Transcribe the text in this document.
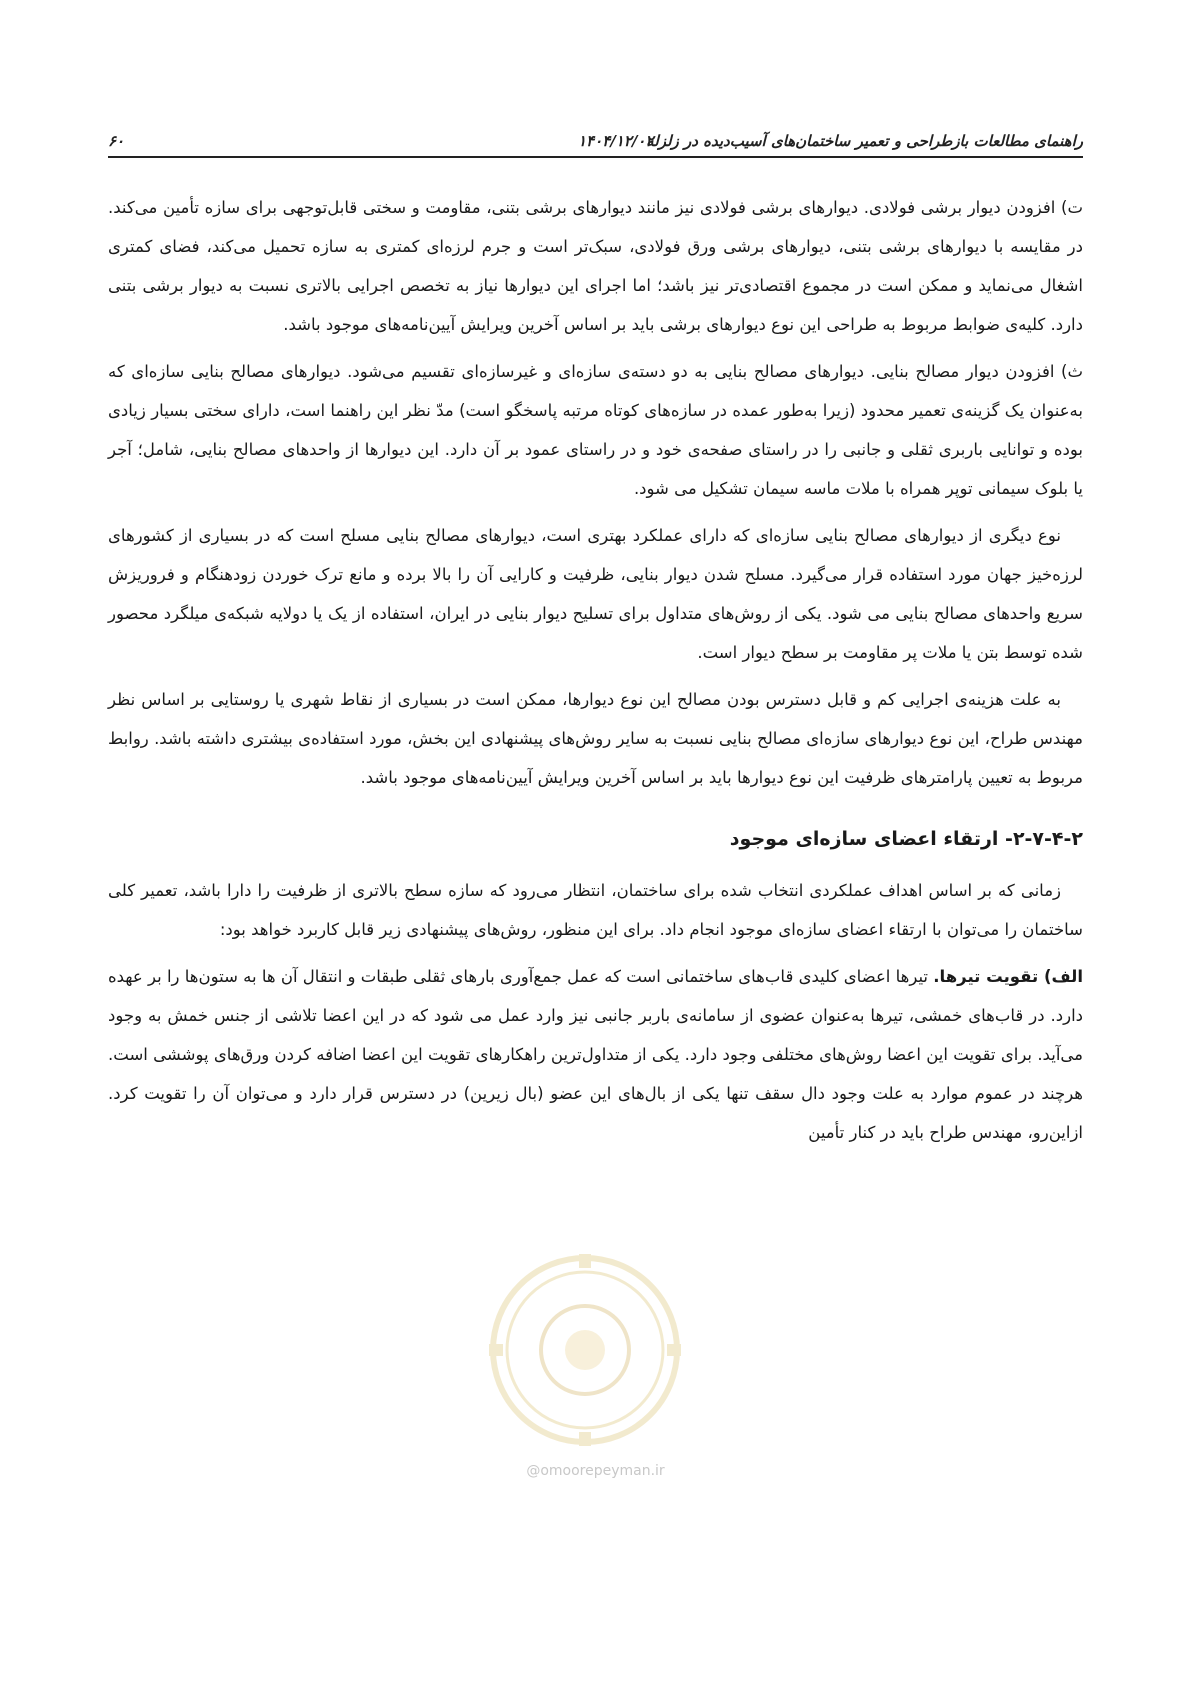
راهنمای مطالعات بازطراحی و تعمیر ساختمان‌های آسیب‌دیده در زلزله
۱۴۰۴/۱۲/۰۲
۶۰

ت) افزودن دیوار برشی فولادی. دیوارهای برشی فولادی نیز مانند دیوارهای برشی بتنی، مقاومت و سختی قابل‌توجهی برای سازه تأمین می‌کند. در مقایسه با دیوارهای برشی بتنی، دیوارهای برشی ورق فولادی، سبک‌تر است و جرم لرزه‌ای کمتری به سازه تحمیل می‌کند، فضای کمتری اشغال می‌نماید و ممکن است در مجموع اقتصادی‌تر نیز باشد؛ اما اجرای این دیوارها نیاز به تخصص اجرایی بالاتری نسبت به دیوار برشی بتنی دارد. کلیه‌ی ضوابط مربوط به طراحی این نوع دیوارهای برشی باید بر اساس آخرین ویرایش آیین‌نامه‌های موجود باشد.

ث) افزودن دیوار مصالح بنایی. دیوارهای مصالح بنایی به دو دسته‌ی سازه‌ای و غیرسازه‌ای تقسیم می‌شود. دیوارهای مصالح بنایی سازه‌ای که به‌عنوان یک گزینه‌ی تعمیر محدود (زیرا به‌طور عمده در سازه‌های کوتاه مرتبه پاسخگو است) مدّ نظر این راهنما است، دارای سختی بسیار زیادی بوده و توانایی باربری ثقلی و جانبی را در راستای صفحه‌ی خود و در راستای عمود بر آن دارد. این دیوارها از واحدهای مصالح بنایی، شامل؛ آجر یا بلوک سیمانی توپر همراه با ملات ماسه سیمان تشکیل می شود.

نوع دیگری از دیوارهای مصالح بنایی سازه‌ای که دارای عملکرد بهتری است، دیوارهای مصالح بنایی مسلح است که در بسیاری از کشورهای لرزه‌خیز جهان مورد استفاده قرار می‌گیرد. مسلح شدن دیوار بنایی، ظرفیت و کارایی آن را بالا برده و مانع ترک خوردن زودهنگام و فروریزش سریع واحدهای مصالح بنایی می شود. یکی از روش‌های متداول برای تسلیح دیوار بنایی در ایران، استفاده از یک یا دولایه شبکه‌ی میلگرد محصور شده توسط بتن یا ملات پر مقاومت بر سطح دیوار است.

به علت هزینه‌ی اجرایی کم و قابل دسترس بودن مصالح این نوع دیوارها، ممکن است در بسیاری از نقاط شهری یا روستایی بر اساس نظر مهندس طراح، این نوع دیوارهای سازه‌ای مصالح بنایی نسبت به سایر روش‌های پیشنهادی این بخش، مورد استفاده‌ی بیشتری داشته باشد. روابط مربوط به تعیین پارامترهای ظرفیت این نوع دیوارها باید بر اساس آخرین ویرایش آیین‌نامه‌های موجود باشد.

۲-۷-۴-۲- ارتقاء اعضای سازه‌ای موجود

زمانی که بر اساس اهداف عملکردی انتخاب شده برای ساختمان، انتظار می‌رود که سازه سطح بالاتری از ظرفیت را دارا باشد، تعمیر کلی ساختمان را می‌توان با ارتقاء اعضای سازه‌ای موجود انجام داد. برای این منظور، روش‌های پیشنهادی زیر قابل کاربرد خواهد بود:

الف) تقویت تیرها. تیرها اعضای کلیدی قاب‌های ساختمانی است که عمل جمع‌آوری بارهای ثقلی طبقات و انتقال آن ها به ستون‌ها را بر عهده دارد. در قاب‌های خمشی، تیرها به‌عنوان عضوی از سامانه‌ی باربر جانبی نیز وارد عمل می شود که در این اعضا تلاشی از جنس خمش به وجود می‌آید. برای تقویت این اعضا روش‌های مختلفی وجود دارد. یکی از متداول‌ترین راهکارهای تقویت این اعضا اضافه کردن ورق‌های پوششی است. هرچند در عموم موارد به علت وجود دال سقف تنها یکی از بال‌های این عضو (بال زیرین) در دسترس قرار دارد و می‌توان آن را تقویت کرد. ازاین‌رو، مهندس طراح باید در کنار تأمین

@omoorepeyman.ir
